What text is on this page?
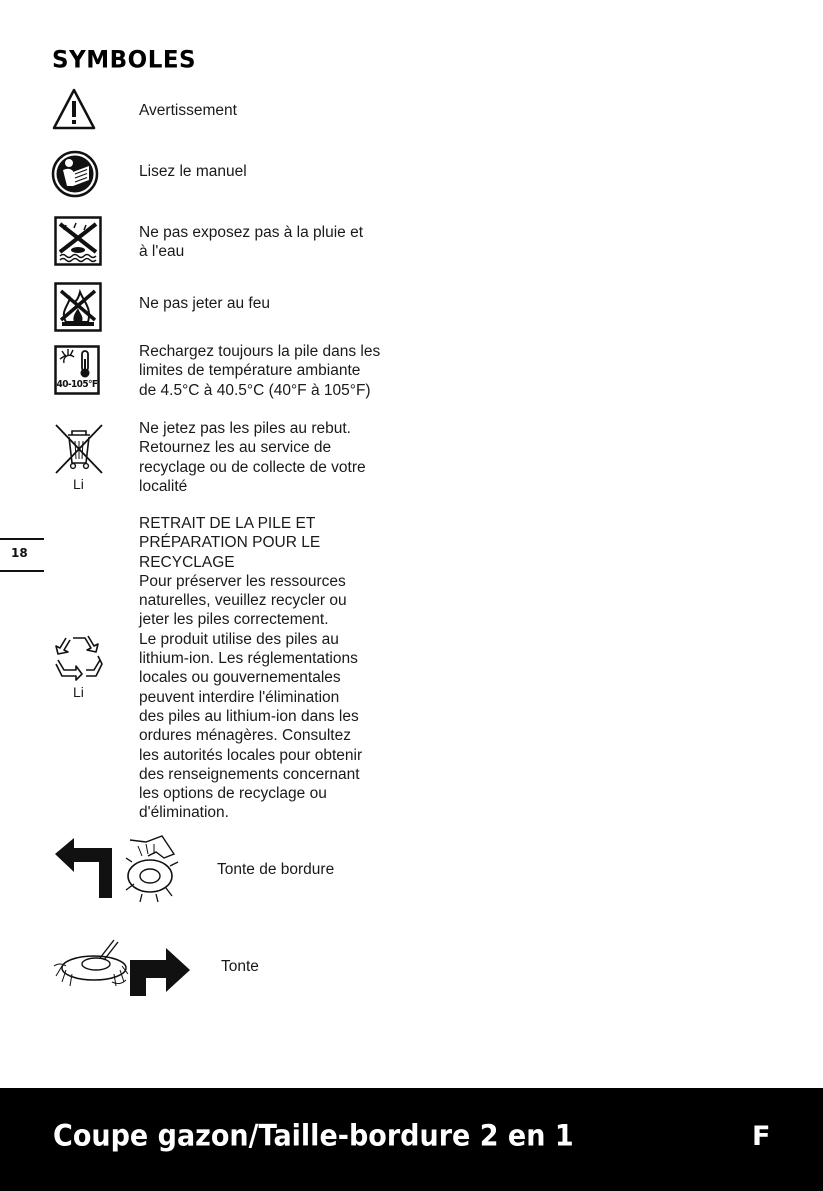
SYMBOLES
Avertissement
Lisez le manuel
Ne pas exposez pas à la pluie et
à l'eau
Ne pas jeter au feu
40-105°F
Rechargez toujours la pile dans les
limites de température ambiante
de 4.5°C à 40.5°C (40°F à 105°F)
Li
Ne jetez pas les piles au rebut.
Retournez les au service de
recyclage ou de collecte de votre
localité
18
Li
RETRAIT DE LA PILE ET
PRÉPARATION POUR LE
RECYCLAGE
Pour préserver les ressources
naturelles, veuillez recycler ou
jeter les piles correctement.
Le produit utilise des piles au
lithium-ion. Les réglementations
locales ou gouvernementales
peuvent interdire l'élimination
des piles au lithium-ion dans les
ordures ménagères. Consultez
les autorités locales pour obtenir
des renseignements concernant
les options de recyclage ou
d'élimination.
Tonte de bordure
Tonte
Coupe gazon/Taille-bordure 2 en 1	F
